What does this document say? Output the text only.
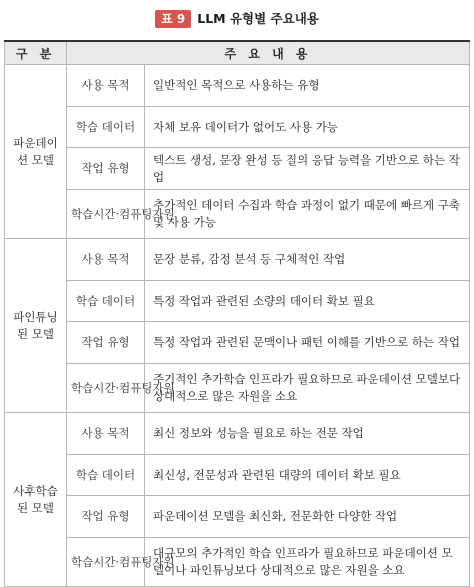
표 9 LLM 유형별 주요내용
구 분	주 요 내 용	
파운데이션 모델	사용 목적	일반적인 목적으로 사용하는 유형
	학습 데이터	자체 보유 데이터가 없어도 사용 가능
	작업 유형	텍스트 생성, 문장 완성 등 질의 응답 능력을 기반으로 하는 작업
	학습시간·컴퓨팅자원	추가적인 데이터 수집과 학습 과정이 없기 때문에 빠르게 구축 및 사용 가능
파인튜닝된 모델	사용 목적	문장 분류, 감정 분석 등 구체적인 작업
	학습 데이터	특정 작업과 관련된 소량의 데이터 확보 필요
	작업 유형	특정 작업과 관련된 문맥이나 패턴 이해를 기반으로 하는 작업
	학습시간·컴퓨팅자원	주기적인 추가학습 인프라가 필요하므로 파운데이션 모델보다 상대적으로 많은 자원을 소요
사후학습된 모델	사용 목적	최신 정보와 성능을 필요로 하는 전문 작업
	학습 데이터	최신성, 전문성과 관련된 대량의 데이터 확보 필요
	작업 유형	파운데이션 모델을 최신화, 전문화한 다양한 작업
	학습시간·컴퓨팅자원	대규모의 추가적인 학습 인프라가 필요하므로 파운데이션 모델이나 파인튜닝보다 상대적으로 많은 자원을 소요
